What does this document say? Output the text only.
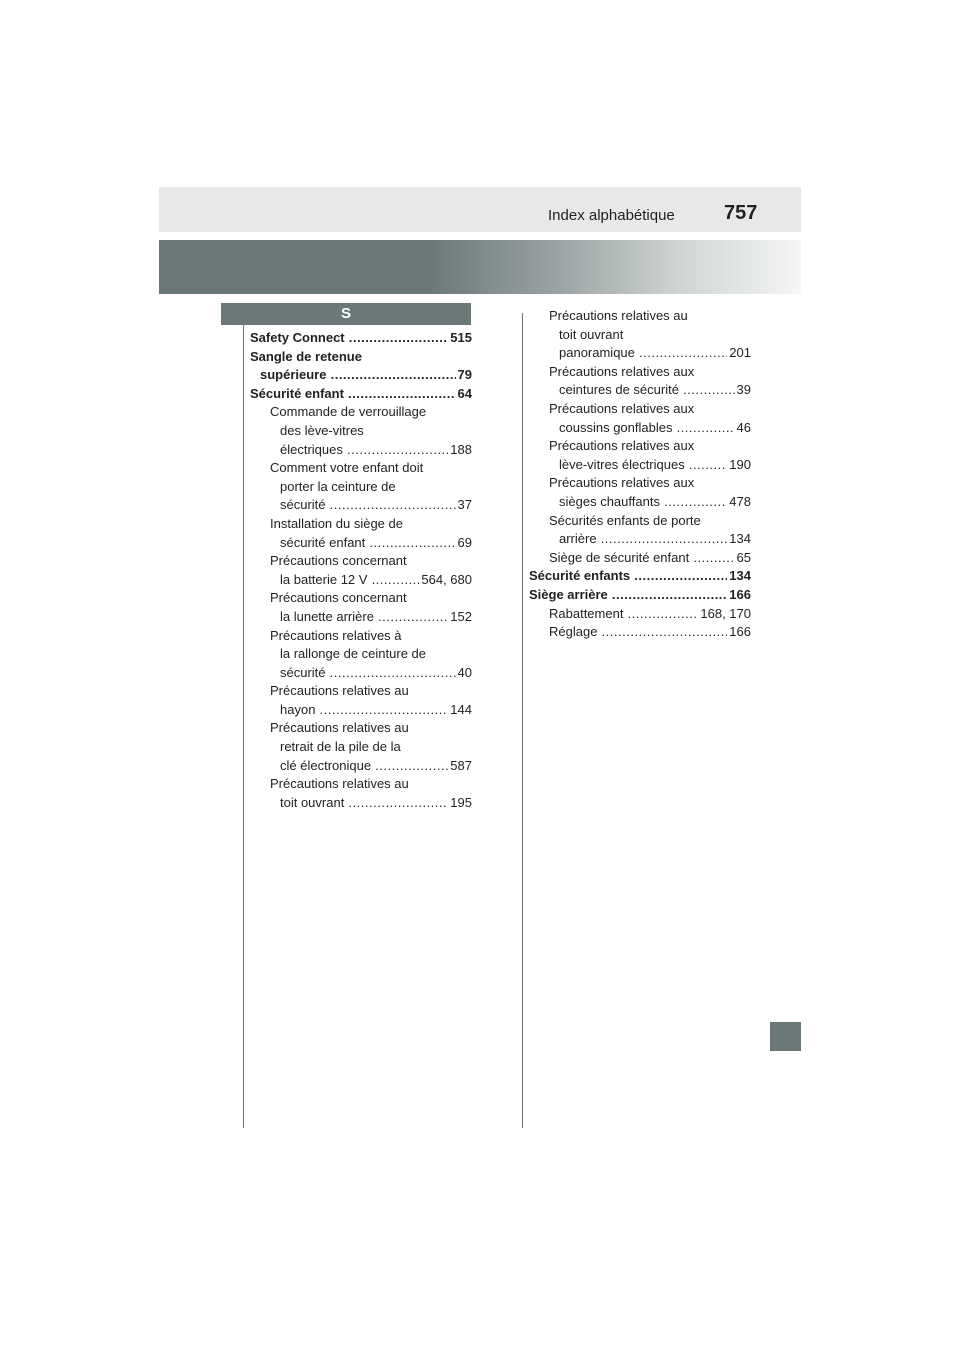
Index alphabétique 757
S
Safety Connect .....	515
Sangle de retenue
supérieure .....	79
Sécurité enfant .....	64
Commande de verrouillage
des lève-vitres
électriques .....	188
Comment votre enfant doit
porter la ceinture de
sécurité .....	37
Installation du siège de
sécurité enfant .....	69
Précautions concernant
la batterie 12 V .....	564, 680
Précautions concernant
la lunette arrière .....	152
Précautions relatives à
la rallonge de ceinture de
sécurité .....	40
Précautions relatives au
hayon .....	144
Précautions relatives au
retrait de la pile de la
clé électronique .....	587
Précautions relatives au
toit ouvrant .....	195
Précautions relatives au
toit ouvrant
panoramique .....	201
Précautions relatives aux
ceintures de sécurité .....	39
Précautions relatives aux
coussins gonflables .....	46
Précautions relatives aux
lève-vitres électriques .....	190
Précautions relatives aux
sièges chauffants .....	478
Sécurités enfants de porte
arrière .....	134
Siège de sécurité enfant .....	65
Sécurité enfants .....	134
Siège arrière .....	166
Rabattement .....	168, 170
Réglage .....	166
